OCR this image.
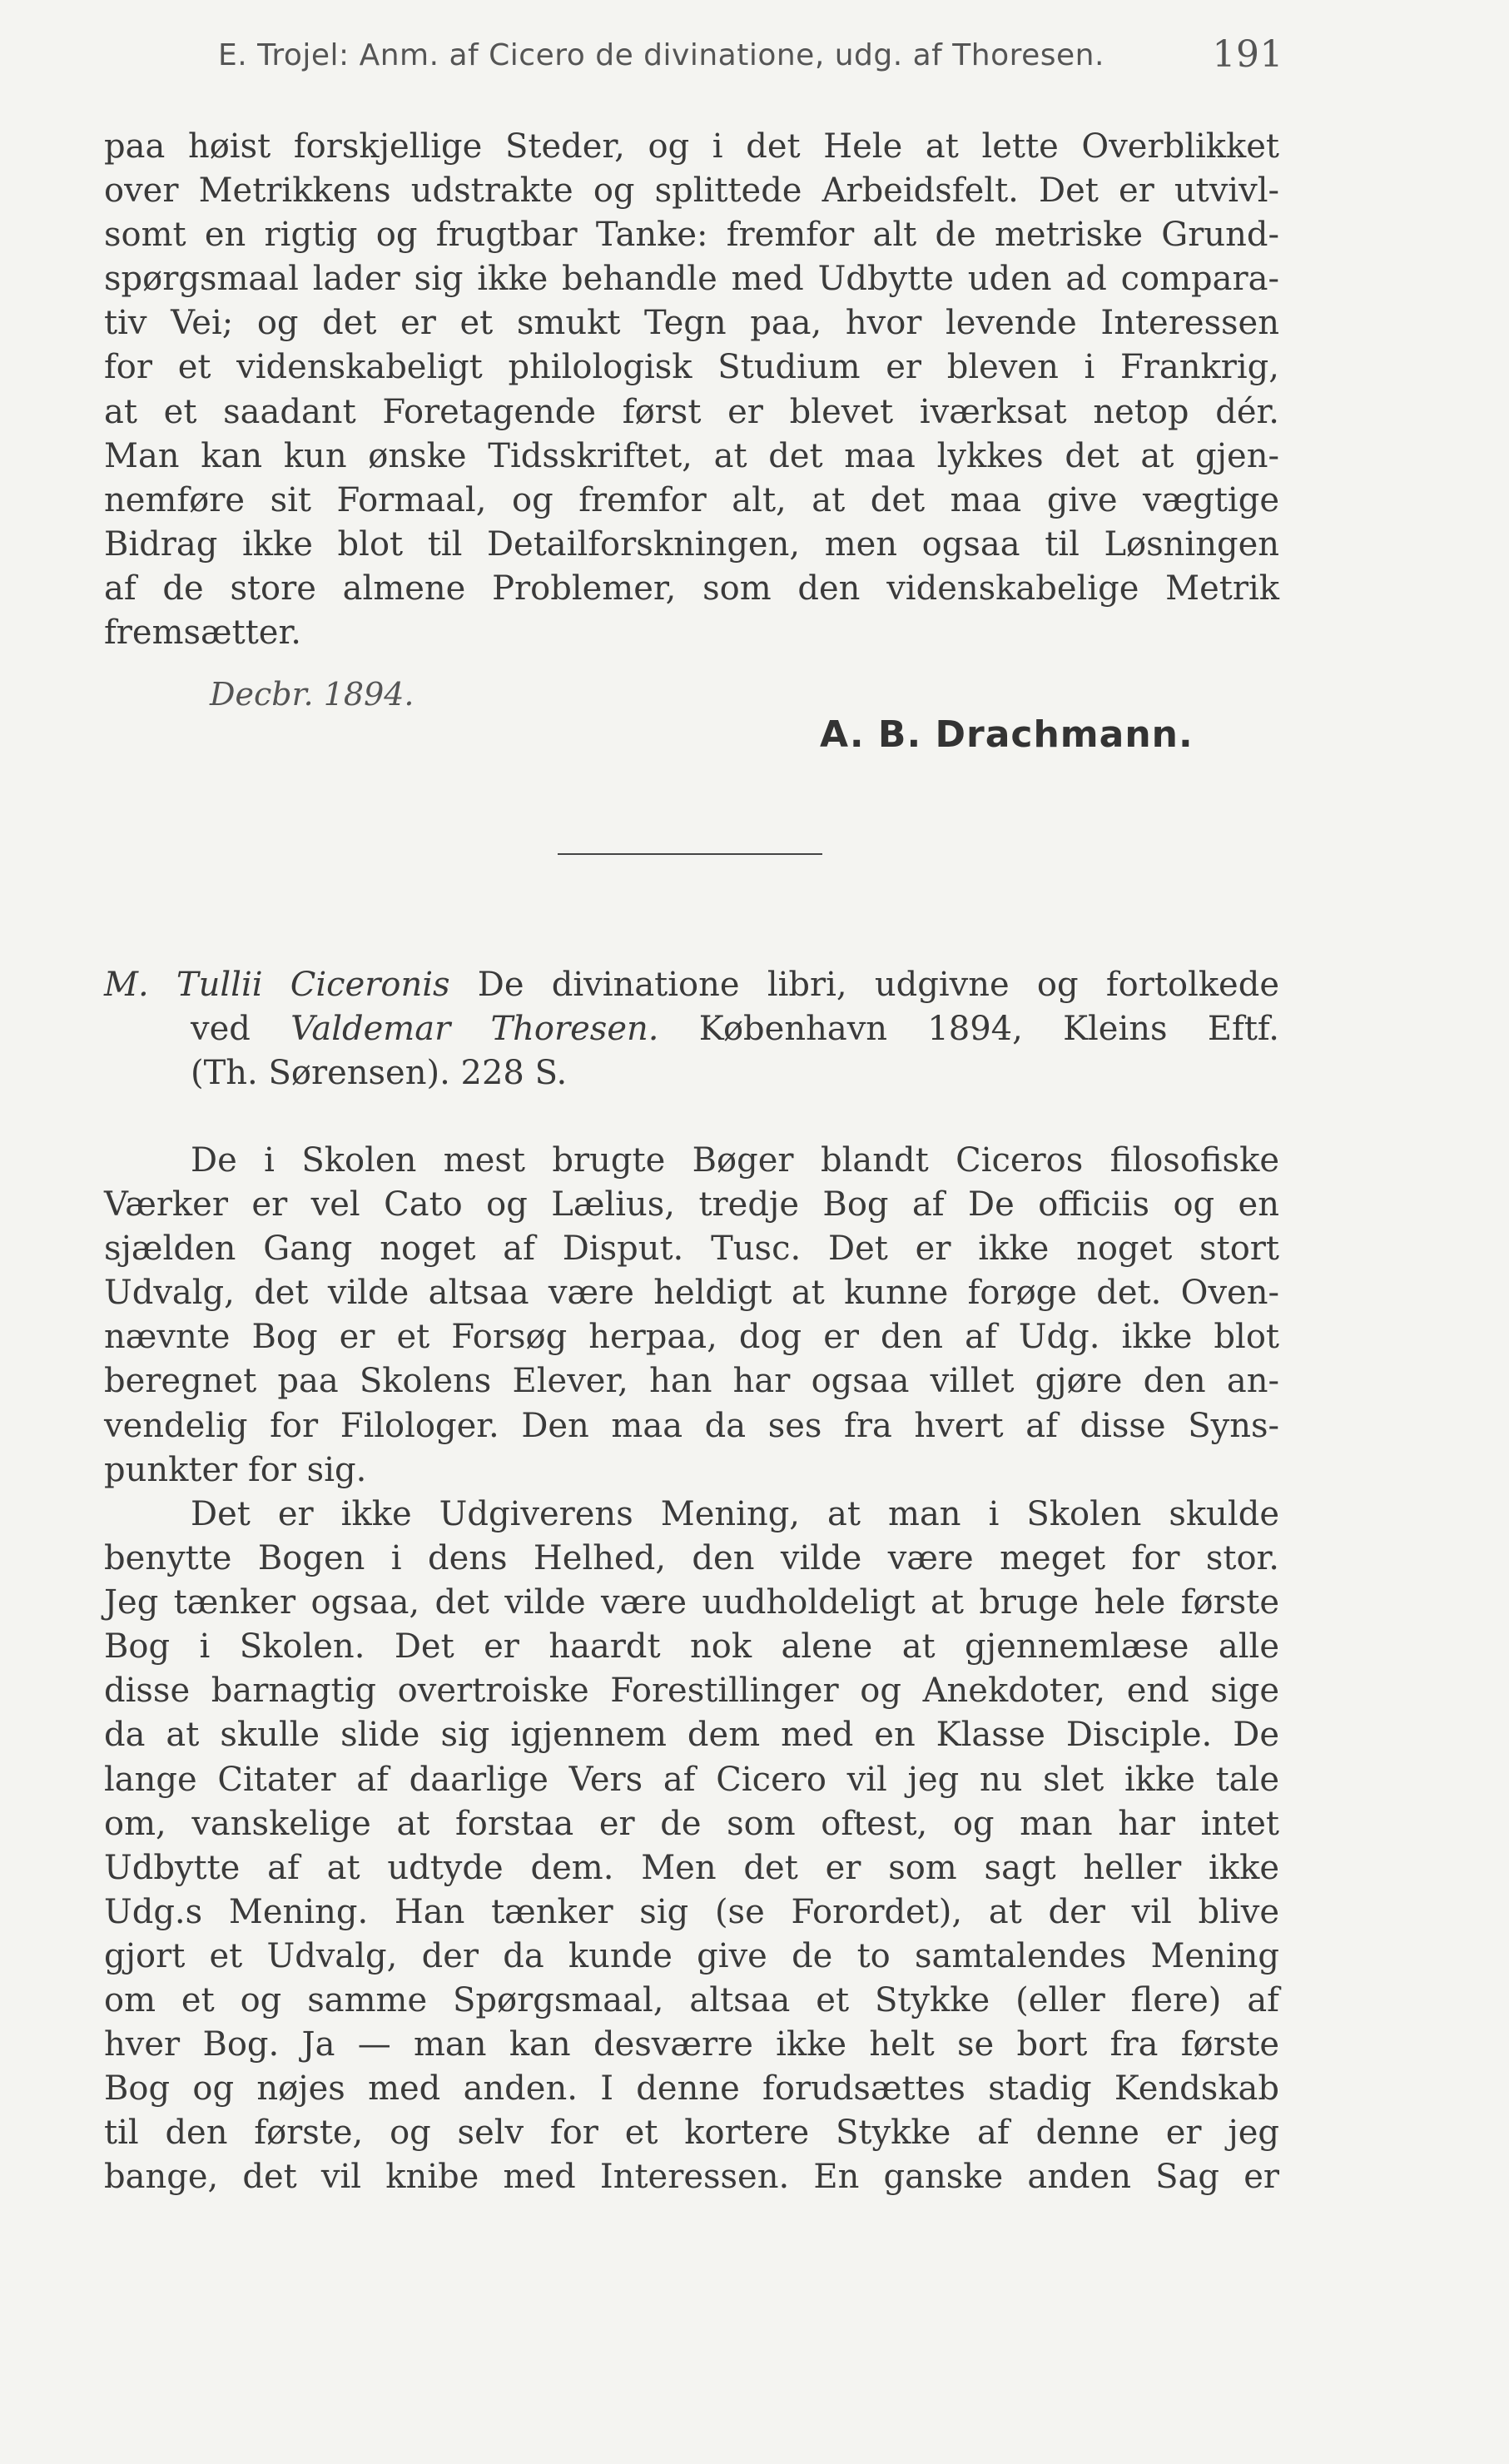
E. Trojel: Anm. af Cicero de divinatione, udg. af Thoresen.	191
paa høist forskjellige Steder, og i det Hele at lette Overblikket
over Metrikkens udstrakte og splittede Arbeidsfelt. Det er utvivl-
somt en rigtig og frugtbar Tanke: fremfor alt de metriske Grund-
spørgsmaal lader sig ikke behandle med Udbytte uden ad compara-
tiv Vei; og det er et smukt Tegn paa, hvor levende Interessen
for et videnskabeligt philologisk Studium er bleven i Frankrig,
at et saadant Foretagende først er blevet iværksat netop dér.
Man kan kun ønske Tidsskriftet, at det maa lykkes det at gjen-
nemføre sit Formaal, og fremfor alt, at det maa give vægtige
Bidrag ikke blot til Detailforskningen, men ogsaa til Løsningen
af de store almene Problemer, som den videnskabelige Metrik
fremsætter.
Decbr. 1894.
A. B. Drachmann.
M. Tullii Ciceronis De divinatione libri, udgivne og fortolkede
ved Valdemar Thoresen. København 1894, Kleins Eftf.
(Th. Sørensen). 228 S.
De i Skolen mest brugte Bøger blandt Ciceros filosofiske
Værker er vel Cato og Lælius, tredje Bog af De officiis og en
sjælden Gang noget af Disput. Tusc. Det er ikke noget stort
Udvalg, det vilde altsaa være heldigt at kunne forøge det. Oven-
nævnte Bog er et Forsøg herpaa, dog er den af Udg. ikke blot
beregnet paa Skolens Elever, han har ogsaa villet gjøre den an-
vendelig for Filologer. Den maa da ses fra hvert af disse Syns-
punkter for sig.
Det er ikke Udgiverens Mening, at man i Skolen skulde
benytte Bogen i dens Helhed, den vilde være meget for stor.
Jeg tænker ogsaa, det vilde være uudholdeligt at bruge hele første
Bog i Skolen. Det er haardt nok alene at gjennemlæse alle
disse barnagtig overtroiske Forestillinger og Anekdoter, end sige
da at skulle slide sig igjennem dem med en Klasse Disciple. De
lange Citater af daarlige Vers af Cicero vil jeg nu slet ikke tale
om, vanskelige at forstaa er de som oftest, og man har intet
Udbytte af at udtyde dem. Men det er som sagt heller ikke
Udg.s Mening. Han tænker sig (se Forordet), at der vil blive
gjort et Udvalg, der da kunde give de to samtalendes Mening
om et og samme Spørgsmaal, altsaa et Stykke (eller flere) af
hver Bog. Ja — man kan desværre ikke helt se bort fra første
Bog og nøjes med anden. I denne forudsættes stadig Kendskab
til den første, og selv for et kortere Stykke af denne er jeg
bange, det vil knibe med Interessen. En ganske anden Sag er
